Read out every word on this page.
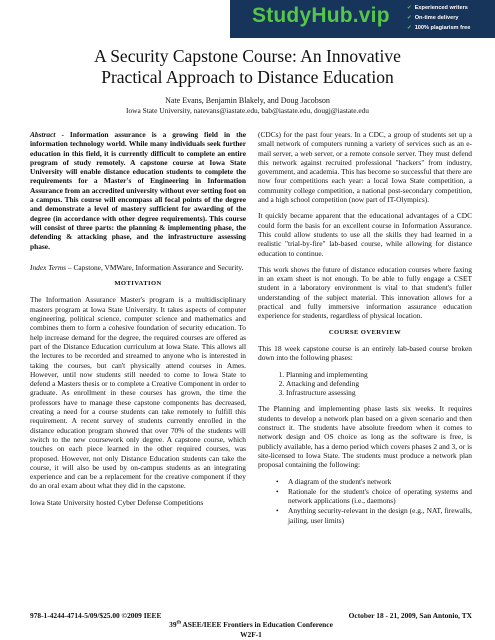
StudyHub.vip	✔ Experienced writers
✔ On-time delivery
✔ 100% plagiarism free
A Security Capstone Course: An Innovative
Practical Approach to Distance Education
Nate Evans, Benjamin Blakely, and Doug Jacobson
Iowa State University, natevans@iastate.edu, bab@iastate.edu, dougj@iastate.edu

Abstract - Information assurance is a growing field in the information technology world. While many individuals seek further education in this field, it is currently difficult to complete an entire program of study remotely. A capstone course at Iowa State University will enable distance education students to complete the requirements for a Master's of Engineering in Information Assurance from an accredited university without ever setting foot on a campus. This course will encompass all focal points of the degree and demonstrate a level of mastery sufficient for awarding of the degree (in accordance with other degree requirements). This course will consist of three parts: the planning & implementing phase, the defending & attacking phase, and the infrastructure assessing phase.

Index Terms – Capstone, VMWare, Information Assurance and Security.

MOTIVATION

The Information Assurance Master's program is a multidisciplinary masters program at Iowa State University. It takes aspects of computer engineering, political science, computer science and mathematics and combines them to form a cohesive foundation of security education. To help increase demand for the degree, the required courses are offered as part of the Distance Education curriculum at Iowa State. This allows all the lectures to be recorded and streamed to anyone who is interested in taking the courses, but can't physically attend courses in Ames. However, until now students still needed to come to Iowa State to defend a Masters thesis or to complete a Creative Component in order to graduate. As enrollment in these courses has grown, the time the professors have to manage these capstone components has decreased, creating a need for a course students can take remotely to fulfill this requirement. A recent survey of students currently enrolled in the distance education program showed that over 70% of the students will switch to the new coursework only degree. A capstone course, which touches on each piece learned in the other required courses, was proposed. However, not only Distance Education students can take the course, it will also be used by on-campus students as an integrating experience and can be a replacement for the creative component if they do an oral exam about what they did in the capstone.

Iowa State University hosted Cyber Defense Competitions

(CDCs) for the past four years. In a CDC, a group of students set up a small network of computers running a variety of services such as an e-mail server, a web server, or a remote console server. They must defend this network against recruited professional "hackers" from industry, government, and academia. This has become so successful that there are now four competitions each year: a local Iowa State competition, a community college competition, a national post-secondary competition, and a high school competition (now part of IT-Olympics).

It quickly became apparent that the educational advantages of a CDC could form the basis for an excellent course in Information Assurance. This could allow students to use all the skills they had learned in a realistic "trial-by-fire" lab-based course, while allowing for distance education to continue.

This work shows the future of distance education courses where faxing in an exam sheet is not enough. To be able to fully engage a CSET student in a laboratory environment is vital to that student's fuller understanding of the subject material. This innovation allows for a practical and fully immersive information assurance education experience for students, regardless of physical location.

COURSE OVERVIEW

This 18 week capstone course is an entirely lab-based course broken down into the following phases:

1. Planning and implementing
2. Attacking and defending
3. Infrastructure assessing

The Planning and implementing phase lasts six weeks. It requires students to develop a network plan based on a given scenario and then construct it. The students have absolute freedom when it comes to network design and OS choice as long as the software is free, is publicly available, has a demo period which covers phases 2 and 3, or is site-licensed to Iowa State. The students must produce a network plan proposal containing the following:

• A diagram of the student's network
• Rationale for the student's choice of operating systems and network applications (i.e., daemons)
• Anything security-relevant in the design (e.g., NAT, firewalls, jailing, user limits)
978-1-4244-4714-5/09/$25.00 ©2009 IEEE	October 18 - 21, 2009, San Antonio, TX
39th ASEE/IEEE Frontiers in Education Conference
W2F-1
